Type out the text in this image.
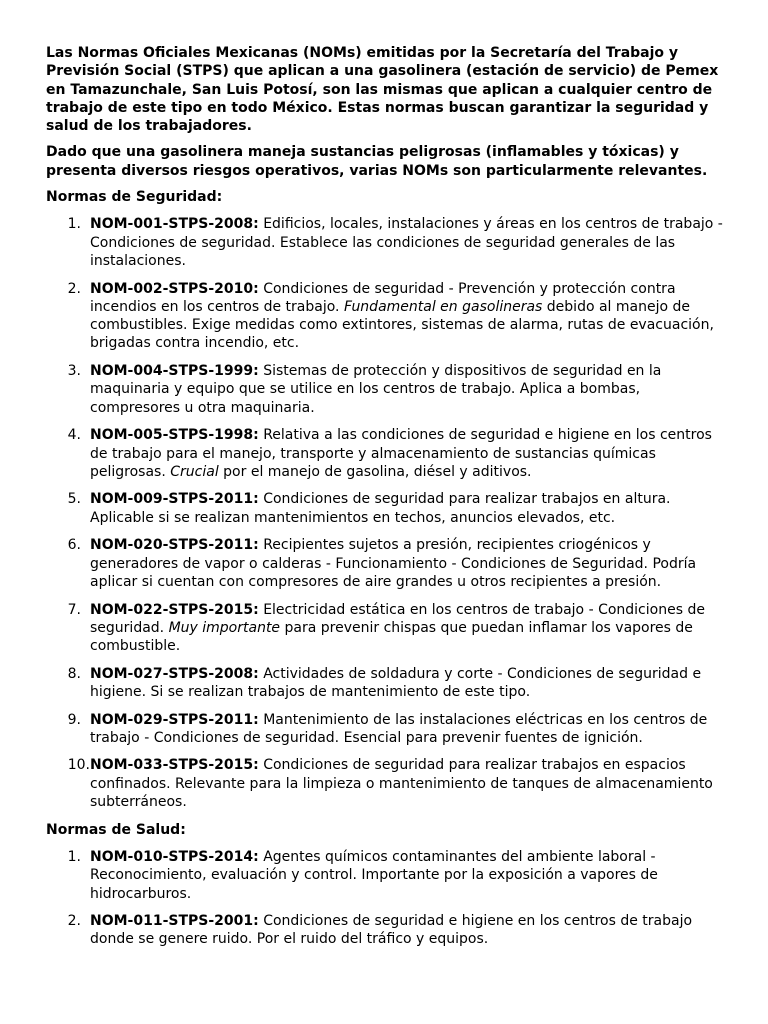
Las Normas Oficiales Mexicanas (NOMs) emitidas por la Secretaría del Trabajo y Previsión Social (STPS) que aplican a una gasolinera (estación de servicio) de Pemex en Tamazunchale, San Luis Potosí, son las mismas que aplican a cualquier centro de trabajo de este tipo en todo México. Estas normas buscan garantizar la seguridad y salud de los trabajadores.

Dado que una gasolinera maneja sustancias peligrosas (inflamables y tóxicas) y presenta diversos riesgos operativos, varias NOMs son particularmente relevantes.

Normas de Seguridad:
1. NOM-001-STPS-2008: Edificios, locales, instalaciones y áreas en los centros de trabajo - Condiciones de seguridad. Establece las condiciones de seguridad generales de las instalaciones.
2. NOM-002-STPS-2010: Condiciones de seguridad - Prevención y protección contra incendios en los centros de trabajo. Fundamental en gasolineras debido al manejo de combustibles. Exige medidas como extintores, sistemas de alarma, rutas de evacuación, brigadas contra incendio, etc.
3. NOM-004-STPS-1999: Sistemas de protección y dispositivos de seguridad en la maquinaria y equipo que se utilice en los centros de trabajo. Aplica a bombas, compresores u otra maquinaria.
4. NOM-005-STPS-1998: Relativa a las condiciones de seguridad e higiene en los centros de trabajo para el manejo, transporte y almacenamiento de sustancias químicas peligrosas. Crucial por el manejo de gasolina, diésel y aditivos.
5. NOM-009-STPS-2011: Condiciones de seguridad para realizar trabajos en altura. Aplicable si se realizan mantenimientos en techos, anuncios elevados, etc.
6. NOM-020-STPS-2011: Recipientes sujetos a presión, recipientes criogénicos y generadores de vapor o calderas - Funcionamiento - Condiciones de Seguridad. Podría aplicar si cuentan con compresores de aire grandes u otros recipientes a presión.
7. NOM-022-STPS-2015: Electricidad estática en los centros de trabajo - Condiciones de seguridad. Muy importante para prevenir chispas que puedan inflamar los vapores de combustible.
8. NOM-027-STPS-2008: Actividades de soldadura y corte - Condiciones de seguridad e higiene. Si se realizan trabajos de mantenimiento de este tipo.
9. NOM-029-STPS-2011: Mantenimiento de las instalaciones eléctricas en los centros de trabajo - Condiciones de seguridad. Esencial para prevenir fuentes de ignición.
10. NOM-033-STPS-2015: Condiciones de seguridad para realizar trabajos en espacios confinados. Relevante para la limpieza o mantenimiento de tanques de almacenamiento subterráneos.
Normas de Salud:
1. NOM-010-STPS-2014: Agentes químicos contaminantes del ambiente laboral - Reconocimiento, evaluación y control. Importante por la exposición a vapores de hidrocarburos.
2. NOM-011-STPS-2001: Condiciones de seguridad e higiene en los centros de trabajo donde se genere ruido. Por el ruido del tráfico y equipos.
